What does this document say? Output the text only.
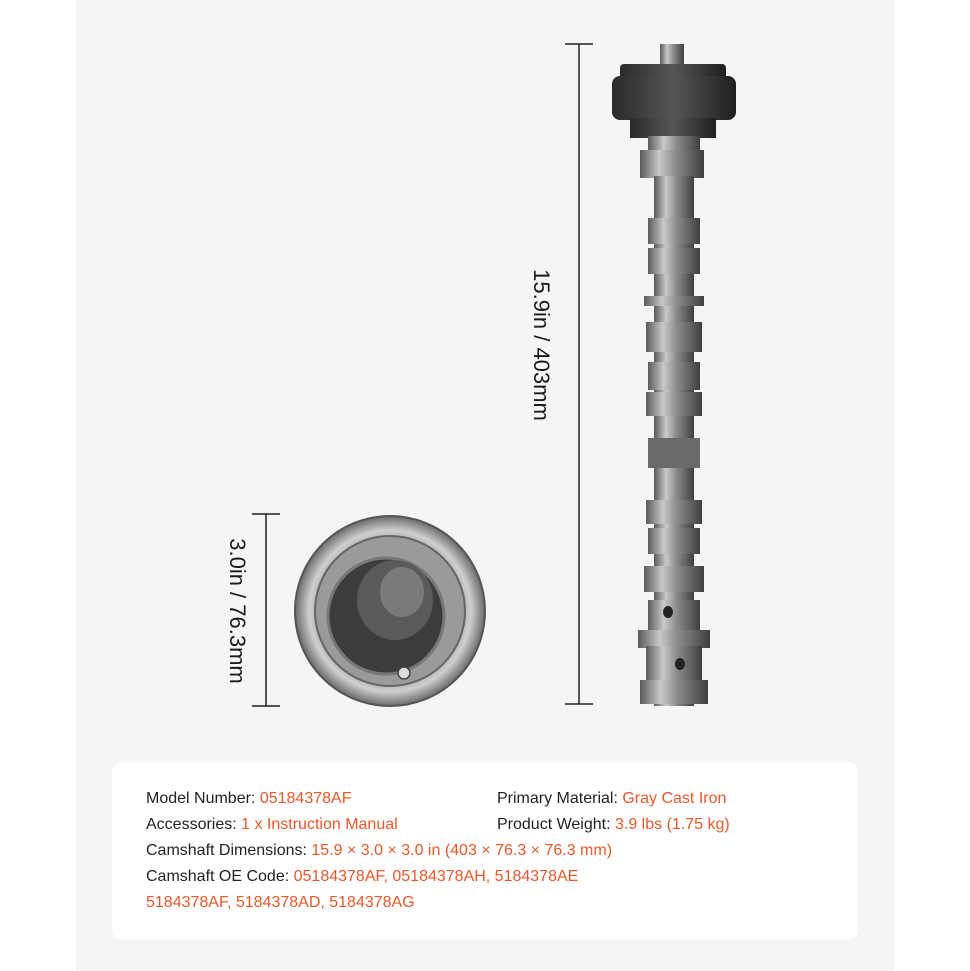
15.9in / 403mm
3.0in / 76.3mm
Model Number: 05184378AF	Primary Material: Gray Cast Iron
Accessories: 1 x Instruction Manual	Product Weight: 3.9 lbs (1.75 kg)
Camshaft Dimensions: 15.9 × 3.0 × 3.0 in (403 × 76.3 × 76.3 mm)
Camshaft OE Code: 05184378AF, 05184378AH, 5184378AE
5184378AF, 5184378AD, 5184378AG
